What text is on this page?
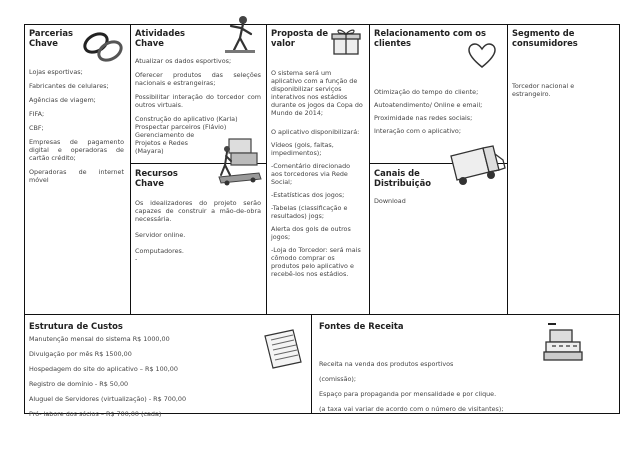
Parcerias
Chave

Lojas esportivas;

Fabricantes de celulares;

Agências de viagem;

FIFA;

CBF;

Empresas de pagamento digital e operadoras de cartão crédito;

Operadoras de internet móvel

Atividades
Chave

Atualizar os dados esportivos;

Oferecer produtos das seleções nacionais e estrangeiras;

Possibilitar interação do torcedor com outros virtuais.

Construção do aplicativo (Karla)
Prospectar parceiros (Flávio)
Gerenciamento de
Projetos e Redes
(Mayara)

Recursos
Chave

Os idealizadores do projeto serão capazes de construir a mão-de-obra necessária.

Servidor online.

Computadores.
-

Proposta de
valor

O sistema será um aplicativo com a função de disponibilizar serviços interativos nos estádios durante os jogos da Copa do Mundo de 2014;

O aplicativo disponibilizará:

Vídeos (gols, faltas, impedimentos);

-Comentário direcionado aos torcedores via Rede Social;

-Estatísticas dos jogos;

-Tabelas (classificação e resultados) jogs;

Alerta dos gols de outros jogos;

-Loja do Torcedor: será mais cômodo comprar os produtos pelo aplicativo e recebê-los nos estádios.

Relacionamento com os
clientes

Otimização do tempo do cliente;

Autoatendimento/ Online e email;

Proximidade nas redes sociais;

Interação com o aplicativo;

Canais de
Distribuição
Download
Segmento de
consumidores
Torcedor nacional e estrangeiro.
Estrutura de Custos

Manutenção mensal do sistema R$ 1000,00

Divulgação por mês R$ 1500,00

Hospedagem do site do aplicativo – R$ 100,00

Registro de domínio - R$ 50,00

Aluguel de Servidores (virtualização) - R$ 700,00

Pró- labore dos sócios – R$ 700,00 (cada)

Fontes de Receita

Receita na venda dos produtos esportivos

(comissão);

Espaço para propaganda por mensalidade e por clique.

(a taxa vai variar de acordo com o número de visitantes);
